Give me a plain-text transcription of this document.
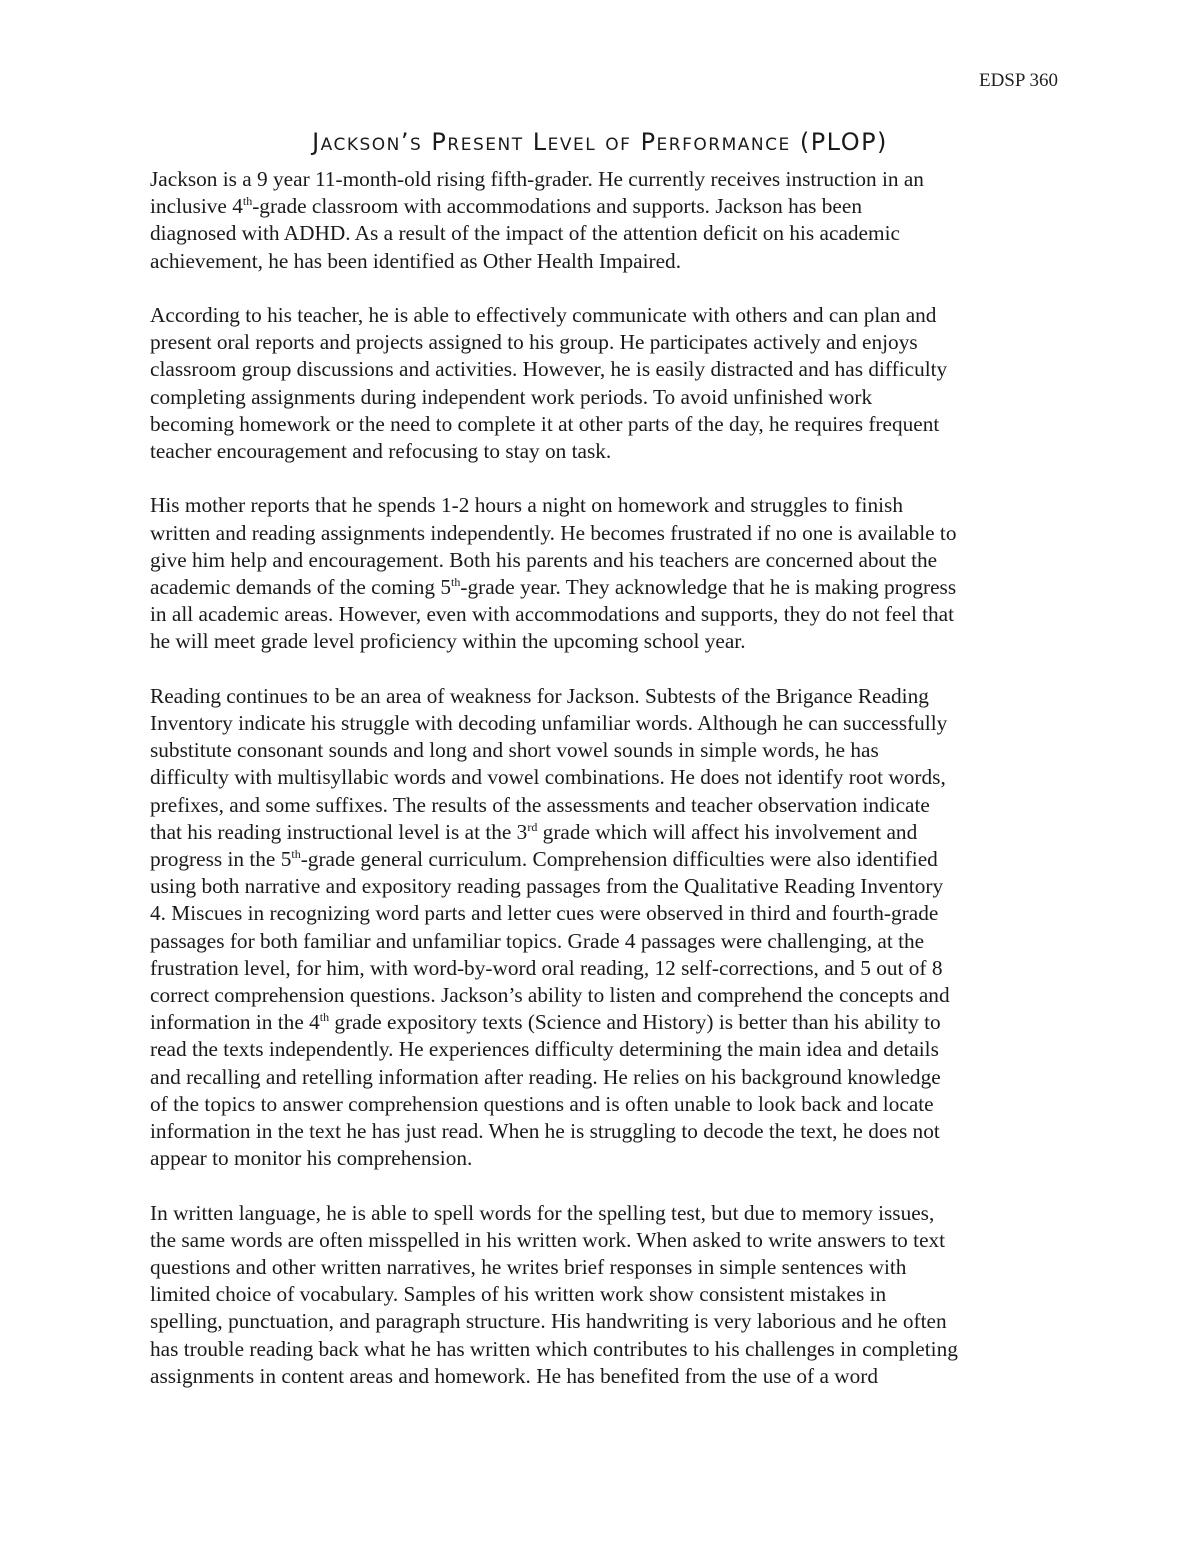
EDSP 360
Jackson’s Present Level of Performance (PLOP)

Jackson is a 9 year 11-month-old rising fifth-grader. He currently receives instruction in an
inclusive 4th-grade classroom with accommodations and supports. Jackson has been
diagnosed with ADHD. As a result of the impact of the attention deficit on his academic
achievement, he has been identified as Other Health Impaired.

According to his teacher, he is able to effectively communicate with others and can plan and
present oral reports and projects assigned to his group. He participates actively and enjoys
classroom group discussions and activities. However, he is easily distracted and has difficulty
completing assignments during independent work periods. To avoid unfinished work
becoming homework or the need to complete it at other parts of the day, he requires frequent
teacher encouragement and refocusing to stay on task.

His mother reports that he spends 1-2 hours a night on homework and struggles to finish
written and reading assignments independently. He becomes frustrated if no one is available to
give him help and encouragement. Both his parents and his teachers are concerned about the
academic demands of the coming 5th-grade year. They acknowledge that he is making progress
in all academic areas. However, even with accommodations and supports, they do not feel that
he will meet grade level proficiency within the upcoming school year.

Reading continues to be an area of weakness for Jackson. Subtests of the Brigance Reading
Inventory indicate his struggle with decoding unfamiliar words. Although he can successfully
substitute consonant sounds and long and short vowel sounds in simple words, he has
difficulty with multisyllabic words and vowel combinations. He does not identify root words,
prefixes, and some suffixes. The results of the assessments and teacher observation indicate
that his reading instructional level is at the 3rd grade which will affect his involvement and
progress in the 5th-grade general curriculum. Comprehension difficulties were also identified
using both narrative and expository reading passages from the Qualitative Reading Inventory
4. Miscues in recognizing word parts and letter cues were observed in third and fourth-grade
passages for both familiar and unfamiliar topics. Grade 4 passages were challenging, at the
frustration level, for him, with word-by-word oral reading, 12 self-corrections, and 5 out of 8
correct comprehension questions. Jackson’s ability to listen and comprehend the concepts and
information in the 4th grade expository texts (Science and History) is better than his ability to
read the texts independently. He experiences difficulty determining the main idea and details
and recalling and retelling information after reading. He relies on his background knowledge
of the topics to answer comprehension questions and is often unable to look back and locate
information in the text he has just read. When he is struggling to decode the text, he does not
appear to monitor his comprehension.

In written language, he is able to spell words for the spelling test, but due to memory issues,
the same words are often misspelled in his written work. When asked to write answers to text
questions and other written narratives, he writes brief responses in simple sentences with
limited choice of vocabulary. Samples of his written work show consistent mistakes in
spelling, punctuation, and paragraph structure. His handwriting is very laborious and he often
has trouble reading back what he has written which contributes to his challenges in completing
assignments in content areas and homework. He has benefited from the use of a word
